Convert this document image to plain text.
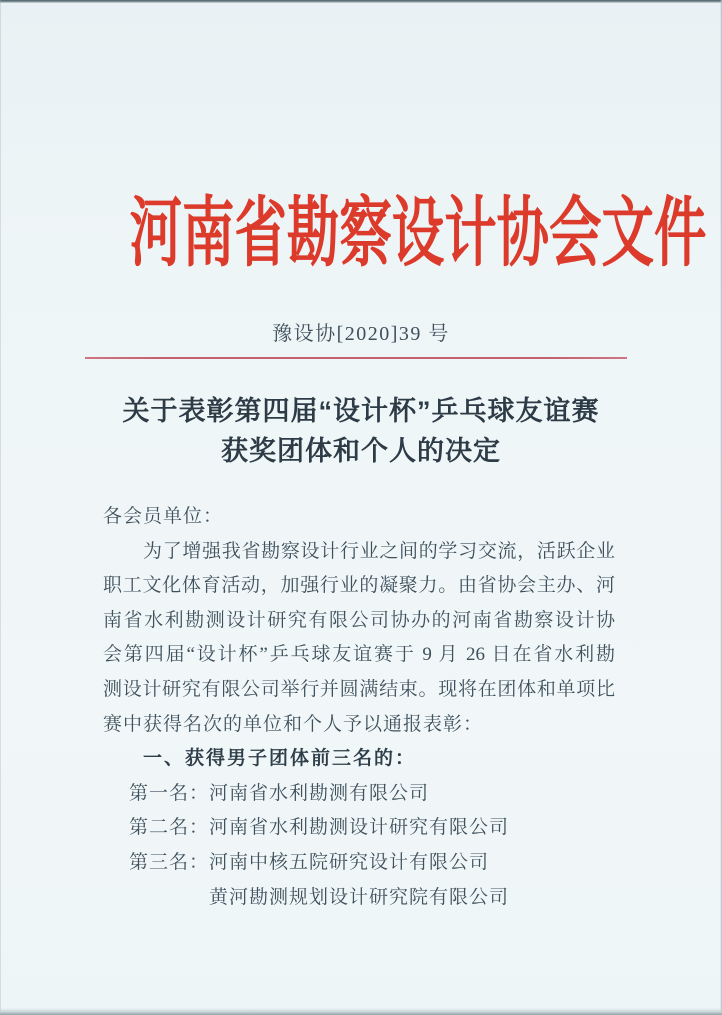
河南省勘察设计协会文件
豫设协[2020]39 号
关于表彰第四届“设计杯”乒乓球友谊赛
获奖团体和个人的决定
各会员单位：
为了增强我省勘察设计行业之间的学习交流，活跃企业
职工文化体育活动，加强行业的凝聚力。由省协会主办、河
南省水利勘测设计研究有限公司协办的河南省勘察设计协
会第四届“设计杯”乒乓球友谊赛于 9 月 26 日在省水利勘
测设计研究有限公司举行并圆满结束。现将在团体和单项比
赛中获得名次的单位和个人予以通报表彰：
一、获得男子团体前三名的：
第一名：河南省水利勘测有限公司
第二名：河南省水利勘测设计研究有限公司
第三名：河南中核五院研究设计有限公司
黄河勘测规划设计研究院有限公司
